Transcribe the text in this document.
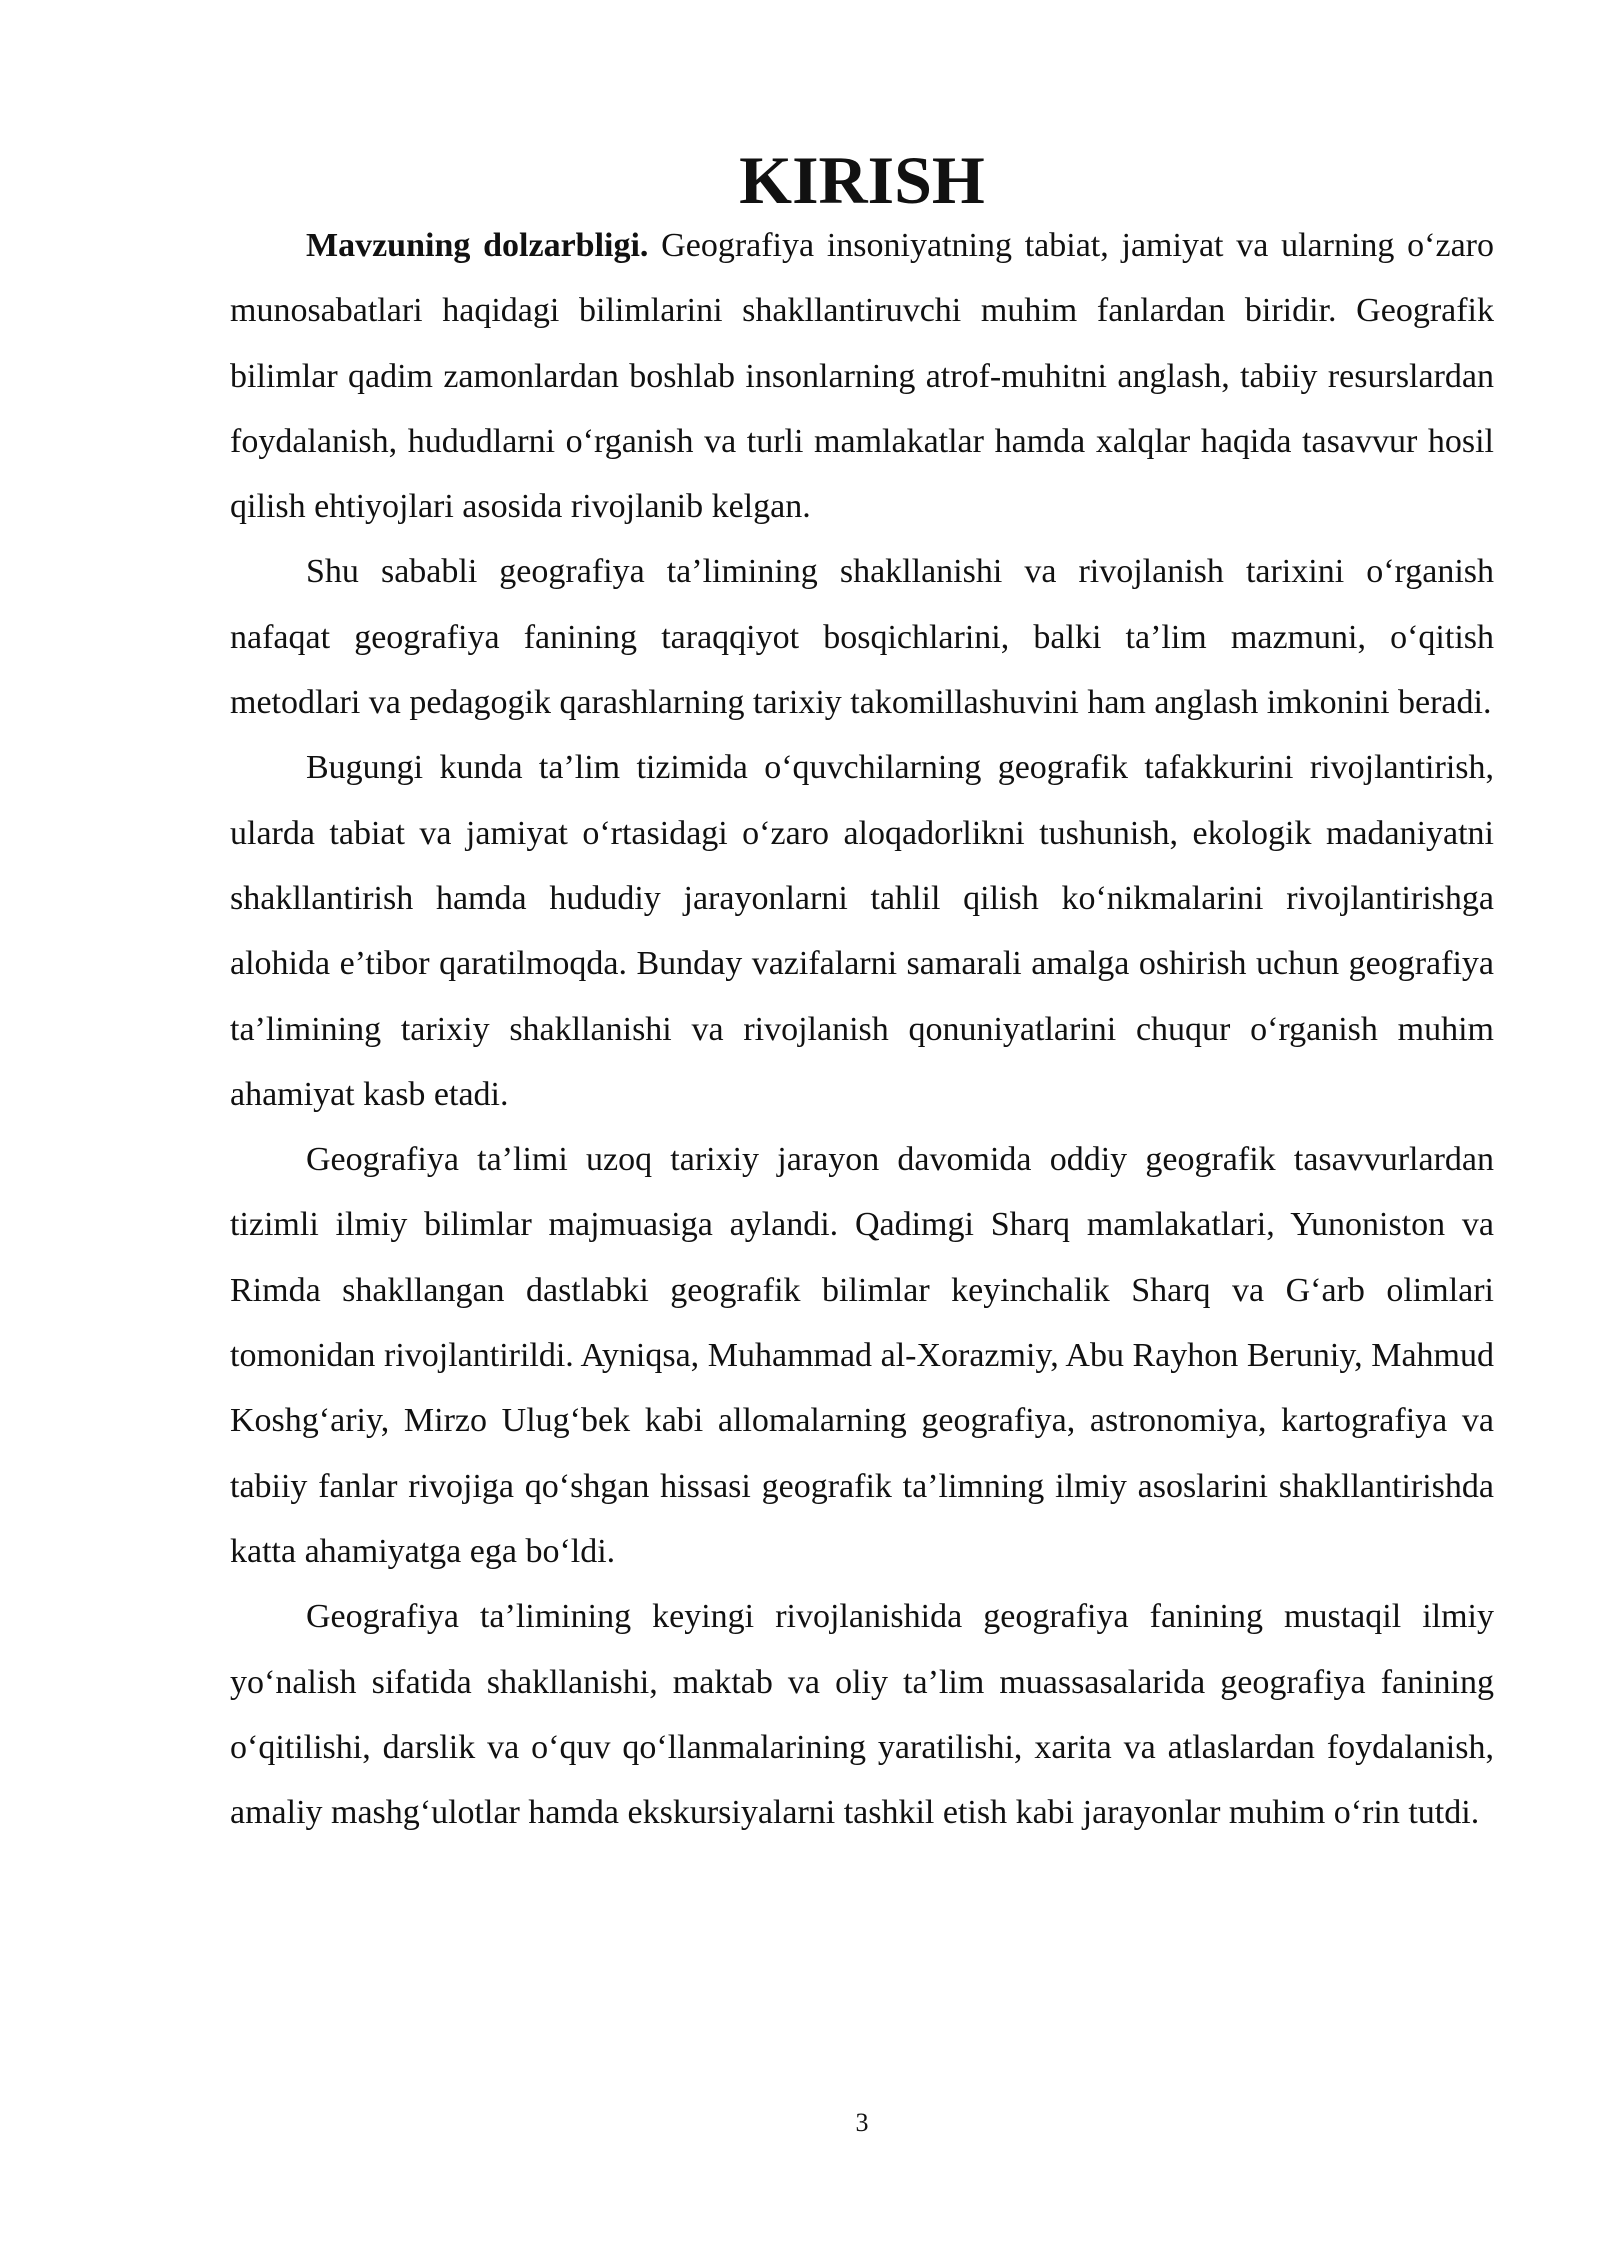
KIRISH

Mavzuning dolzarbligi. Geografiya insoniyatning tabiat, jamiyat va ularning o‘zaro munosabatlari haqidagi bilimlarini shakllantiruvchi muhim fanlardan biridir. Geografik bilimlar qadim zamonlardan boshlab insonlarning atrof-muhitni anglash, tabiiy resurslardan foydalanish, hududlarni o‘rganish va turli mamlakatlar hamda xalqlar haqida tasavvur hosil qilish ehtiyojlari asosida rivojlanib kelgan.

Shu sababli geografiya ta’limining shakllanishi va rivojlanish tarixini o‘rganish nafaqat geografiya fanining taraqqiyot bosqichlarini, balki ta’lim mazmuni, o‘qitish metodlari va pedagogik qarashlarning tarixiy takomillashuvini ham anglash imkonini beradi.

Bugungi kunda ta’lim tizimida o‘quvchilarning geografik tafakkurini rivojlantirish, ularda tabiat va jamiyat o‘rtasidagi o‘zaro aloqadorlikni tushunish, ekologik madaniyatni shakllantirish hamda hududiy jarayonlarni tahlil qilish ko‘nikmalarini rivojlantirishga alohida e’tibor qaratilmoqda. Bunday vazifalarni samarali amalga oshirish uchun geografiya ta’limining tarixiy shakllanishi va rivojlanish qonuniyatlarini chuqur o‘rganish muhim ahamiyat kasb etadi.

Geografiya ta’limi uzoq tarixiy jarayon davomida oddiy geografik tasavvurlardan tizimli ilmiy bilimlar majmuasiga aylandi. Qadimgi Sharq mamlakatlari, Yunoniston va Rimda shakllangan dastlabki geografik bilimlar keyinchalik Sharq va G‘arb olimlari tomonidan rivojlantirildi. Ayniqsa, Muhammad al-Xorazmiy, Abu Rayhon Beruniy, Mahmud Koshg‘ariy, Mirzo Ulug‘bek kabi allomalarning geografiya, astronomiya, kartografiya va tabiiy fanlar rivojiga qo‘shgan hissasi geografik ta’limning ilmiy asoslarini shakllantirishda katta ahamiyatga ega bo‘ldi.

Geografiya ta’limining keyingi rivojlanishida geografiya fanining mustaqil ilmiy yo‘nalish sifatida shakllanishi, maktab va oliy ta’lim muassasalarida geografiya fanining o‘qitilishi, darslik va o‘quv qo‘llanmalarining yaratilishi, xarita va atlaslardan foydalanish, amaliy mashg‘ulotlar hamda ekskursiyalarni tashkil etish kabi jarayonlar muhim o‘rin tutdi.

3
